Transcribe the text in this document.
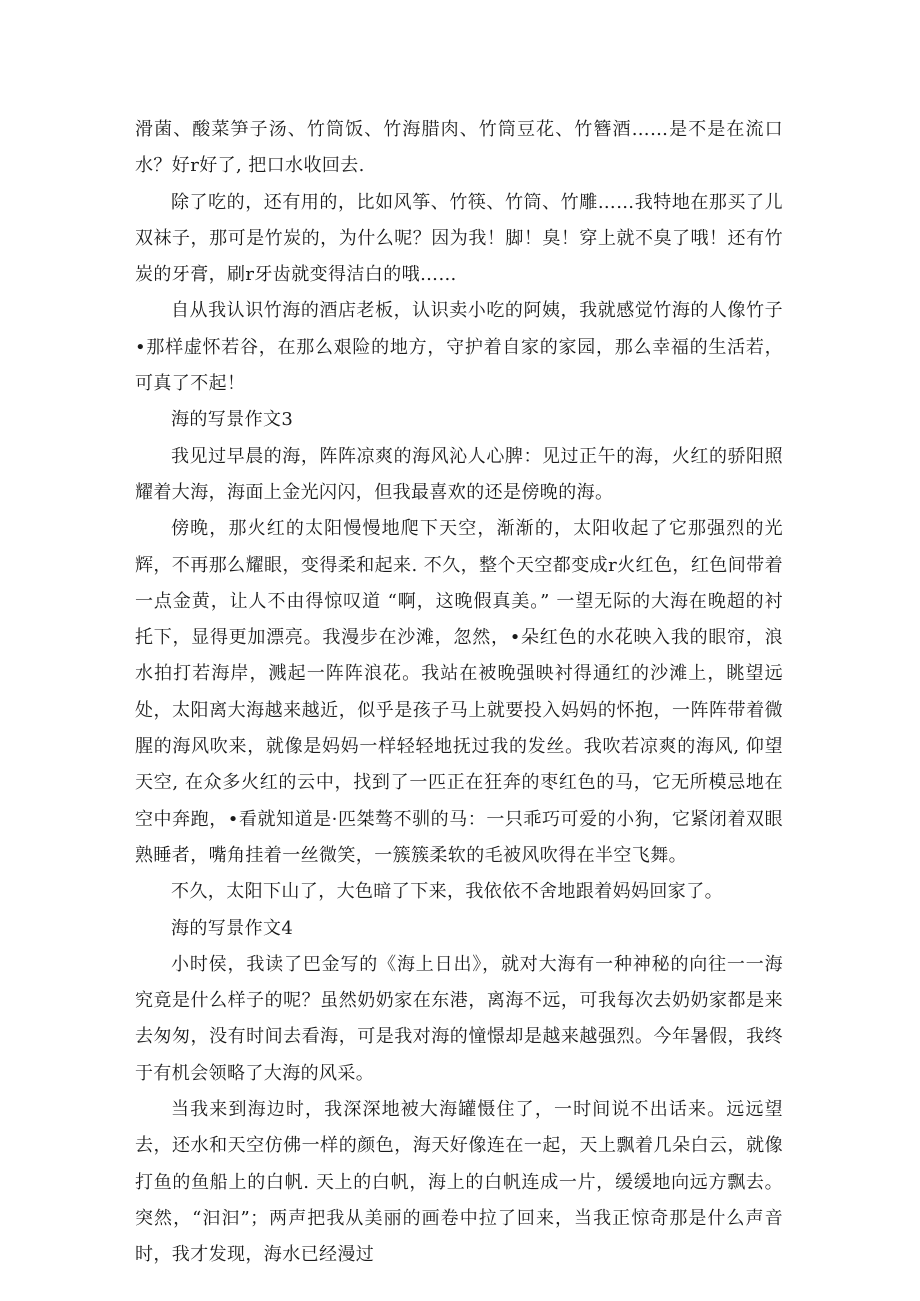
滑菌、酸菜笋子汤、竹筒饭、竹海腊肉、竹筒豆花、竹簪酒……是不是在流口水？好r好了, 把口水收回去.

除了吃的，还有用的，比如风筝、竹筷、竹筒、竹雕……我特地在那买了儿双袜子，那可是竹炭的，为什么呢？因为我！脚！臭！穿上就不臭了哦！还有竹炭的牙膏，刷r牙齿就变得洁白的哦……

自从我认识竹海的酒店老板，认识卖小吃的阿姨，我就感觉竹海的人像竹子•那样虚怀若谷，在那么艰险的地方，守护着自家的家园，那么幸福的生活若，可真了不起！

海的写景作文3

我见过早晨的海，阵阵凉爽的海风沁人心脾：见过正午的海，火红的骄阳照耀着大海，海面上金光闪闪，但我最喜欢的还是傍晚的海。

傍晚，那火红的太阳慢慢地爬下天空，渐渐的，太阳收起了它那强烈的光辉，不再那么耀眼，变得柔和起来. 不久，整个天空都变成r火红色，红色间带着一点金黄，让人不由得惊叹道 “啊，这晚假真美。” 一望无际的大海在晚超的衬托下，显得更加漂亮。我漫步在沙滩，忽然，•朵红色的水花映入我的眼帘，浪水拍打若海岸，溅起一阵阵浪花。我站在被晚强映衬得通红的沙滩上，眺望远处，太阳离大海越来越近，似乎是孩子马上就要投入妈妈的怀抱，一阵阵带着微腥的海风吹来，就像是妈妈一样轻轻地抚过我的发丝。我吹若凉爽的海风, 仰望天空, 在众多火红的云中，找到了一匹正在狂奔的枣红色的马，它无所模忌地在空中奔跑，•看就知道是·匹桀骜不驯的马：一只乖巧可爱的小狗，它紧闭着双眼熟睡者，嘴角挂着一丝微笑，一簇簇柔软的毛被风吹得在半空飞舞。

不久，太阳下山了，大色暗了下来，我依依不舍地跟着妈妈回家了。

海的写景作文4

小时侯，我读了巴金写的《海上日出》，就对大海有一种神秘的向往一一海究竟是什么样子的呢？虽然奶奶家在东港，离海不远，可我每次去奶奶家都是来去匆匆，没有时间去看海，可是我对海的憧憬却是越来越强烈。今年暑假，我终于有机会领略了大海的风采。

当我来到海边时，我深深地被大海罐慑住了，一时间说不出话来。远远望去，还水和天空仿佛一样的颜色，海天好像连在一起，天上飘着几朵白云，就像打鱼的鱼船上的白帆. 天上的白帆，海上的白帆连成一片，缓缓地向远方飘去。突然，“汩汩”；两声把我从美丽的画卷中拉了回来，当我正惊奇那是什么声音时，我才发现，海水已经漫过
